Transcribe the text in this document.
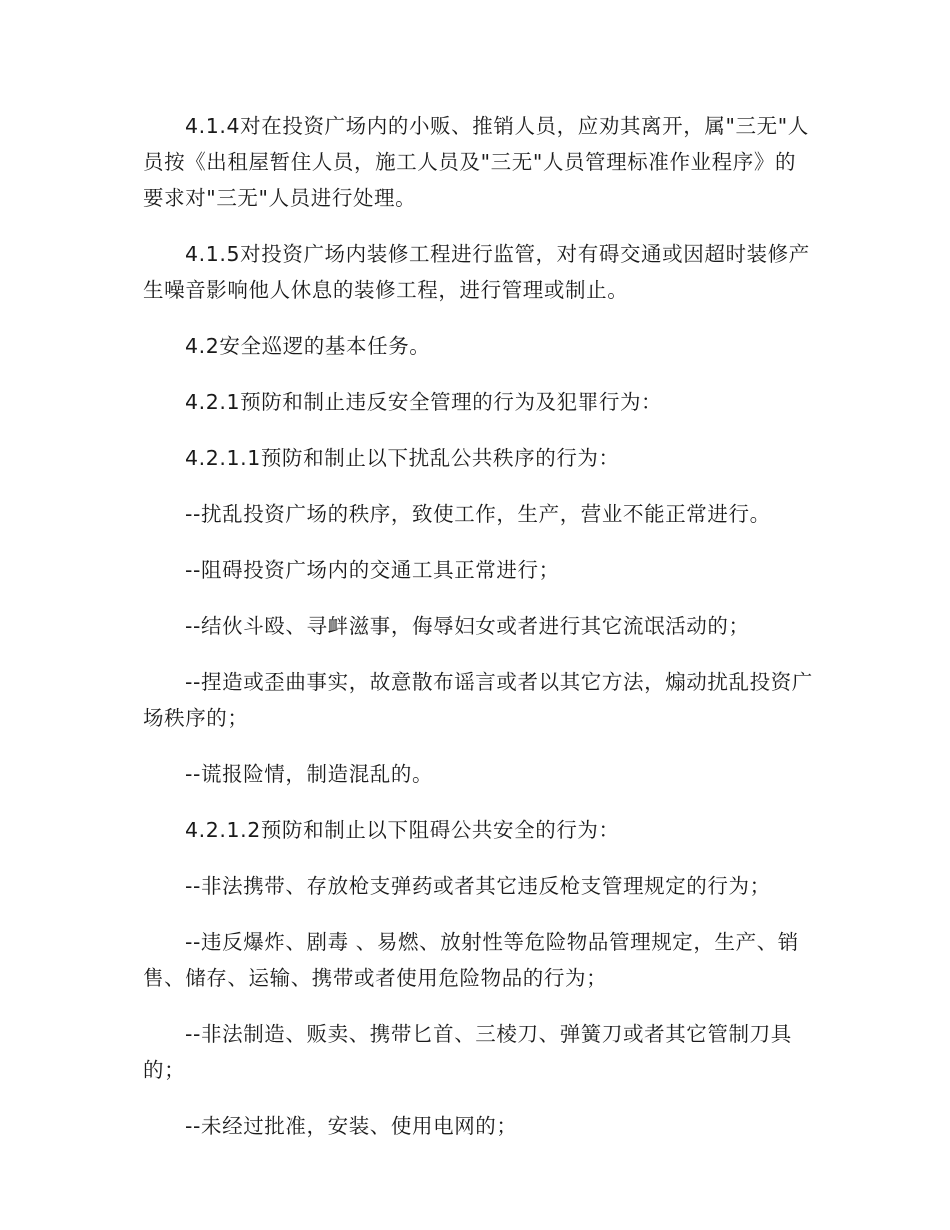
4.1.4对在投资广场内的小贩、推销人员，应劝其离开，属"三无"人员按《出租屋暂住人员，施工人员及"三无"人员管理标准作业程序》的要求对"三无"人员进行处理。

4.1.5对投资广场内装修工程进行监管，对有碍交通或因超时装修产生噪音影响他人休息的装修工程，进行管理或制止。

4.2安全巡逻的基本任务。

4.2.1预防和制止违反安全管理的行为及犯罪行为：

4.2.1.1预防和制止以下扰乱公共秩序的行为：

--扰乱投资广场的秩序，致使工作，生产，营业不能正常进行。

--阻碍投资广场内的交通工具正常进行；

--结伙斗殴、寻衅滋事，侮辱妇女或者进行其它流氓活动的；

--捏造或歪曲事实，故意散布谣言或者以其它方法，煽动扰乱投资广场秩序的；

--谎报险情，制造混乱的。

4.2.1.2预防和制止以下阻碍公共安全的行为：

--非法携带、存放枪支弹药或者其它违反枪支管理规定的行为；

--违反爆炸、剧毒 、易燃、放射性等危险物品管理规定，生产、销售、储存、运输、携带或者使用危险物品的行为；

--非法制造、贩卖、携带匕首、三棱刀、弹簧刀或者其它管制刀具的；

--未经过批准，安装、使用电网的；
